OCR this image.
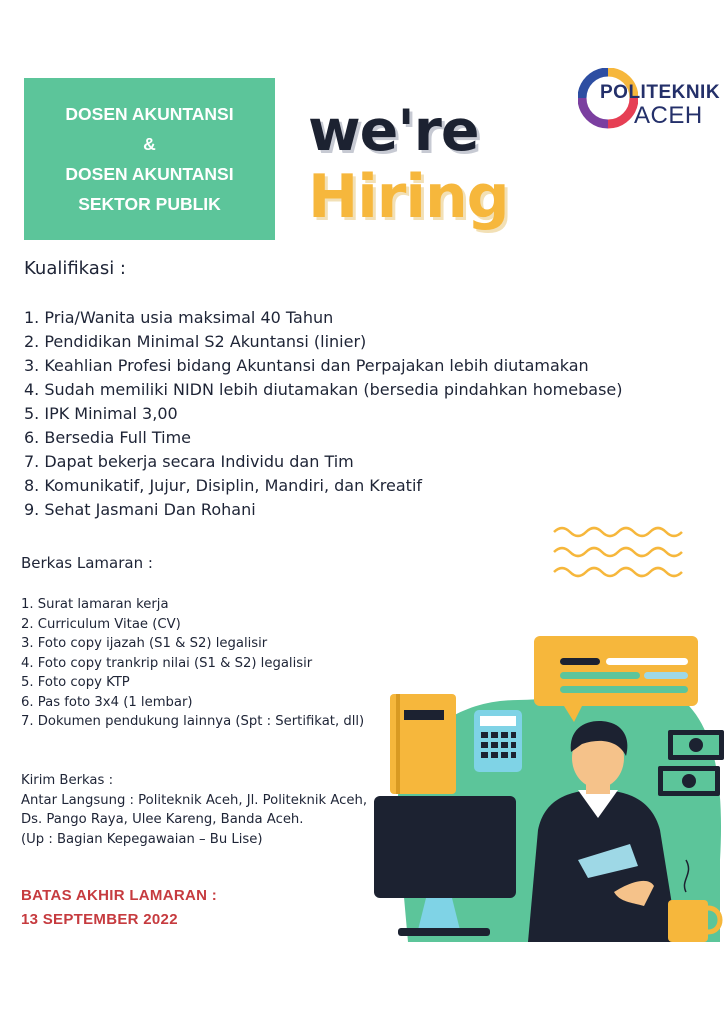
DOSEN AKUNTANSI
&
DOSEN AKUNTANSI
SEKTOR PUBLIK
we're
Hiring
POLITEKNIK
ACEH
Kualifikasi :
1. Pria/Wanita usia maksimal 40 Tahun
2. Pendidikan Minimal S2 Akuntansi (linier)
3. Keahlian Profesi bidang Akuntansi dan Perpajakan lebih diutamakan
4. Sudah memiliki NIDN lebih diutamakan (bersedia pindahkan homebase)
5. IPK Minimal 3,00
6. Bersedia Full Time
7. Dapat bekerja secara Individu dan Tim
8. Komunikatif, Jujur, Disiplin, Mandiri, dan Kreatif
9. Sehat Jasmani Dan Rohani
Berkas Lamaran :
1. Surat lamaran kerja
2. Curriculum Vitae (CV)
3. Foto copy ijazah (S1 & S2) legalisir
4. Foto copy trankrip nilai (S1 & S2) legalisir
5. Foto copy KTP
6. Pas foto 3x4 (1 lembar)
7. Dokumen pendukung lainnya (Spt : Sertifikat, dll)
Kirim Berkas :
Antar Langsung : Politeknik Aceh, Jl. Politeknik Aceh, Ds. Pango Raya, Ulee Kareng, Banda Aceh.
(Up : Bagian Kepegawaian – Bu Lise)
BATAS AKHIR LAMARAN :
13 SEPTEMBER 2022
